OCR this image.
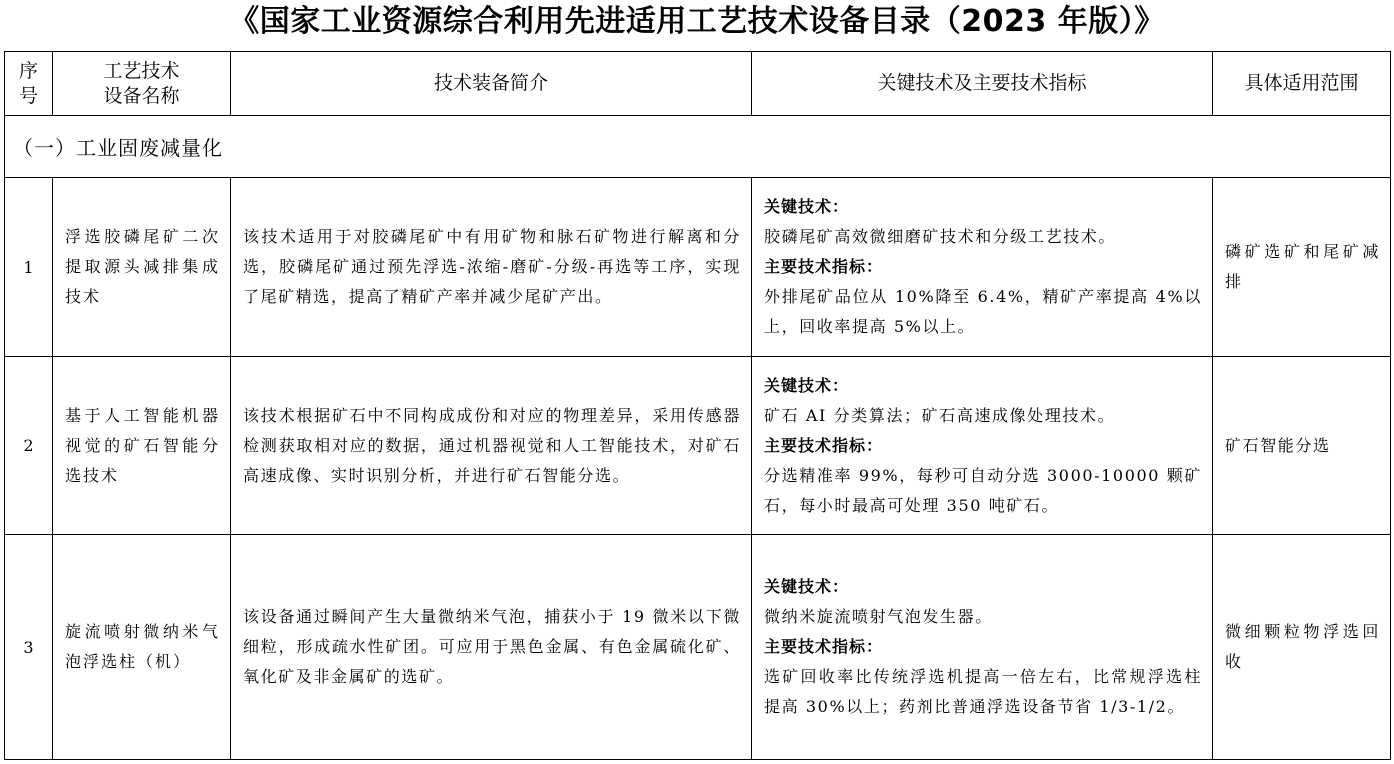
《国家工业资源综合利用先进适用工艺技术设备目录（2023 年版）》
序
号	工艺技术
设备名称	技术装备简介	关键技术及主要技术指标	具体适用范围
（一）工业固废减量化				
1	浮选胶磷尾矿二次提取源头减排集成技术	该技术适用于对胶磷尾矿中有用矿物和脉石矿物进行解离和分选，胶磷尾矿通过预先浮选-浓缩-磨矿-分级-再选等工序，实现了尾矿精选，提高了精矿产率并减少尾矿产出。	关键技术：
胶磷尾矿高效微细磨矿技术和分级工艺技术。
主要技术指标：
外排尾矿品位从 10%降至 6.4%，精矿产率提高 4%以上，回收率提高 5%以上。	磷矿选矿和尾矿减排
2	基于人工智能机器视觉的矿石智能分选技术	该技术根据矿石中不同构成成份和对应的物理差异，采用传感器检测获取相对应的数据，通过机器视觉和人工智能技术，对矿石高速成像、实时识别分析，并进行矿石智能分选。	关键技术：
矿石 AI 分类算法；矿石高速成像处理技术。
主要技术指标：
分选精准率 99%，每秒可自动分选 3000-10000 颗矿石，每小时最高可处理 350 吨矿石。	矿石智能分选
3	旋流喷射微纳米气泡浮选柱（机）	该设备通过瞬间产生大量微纳米气泡，捕获小于 19 微米以下微细粒，形成疏水性矿团。可应用于黑色金属、有色金属硫化矿、氧化矿及非金属矿的选矿。	关键技术：
微纳米旋流喷射气泡发生器。
主要技术指标：
选矿回收率比传统浮选机提高一倍左右，比常规浮选柱提高 30%以上；药剂比普通浮选设备节省 1/3-1/2。	微细颗粒物浮选回收
